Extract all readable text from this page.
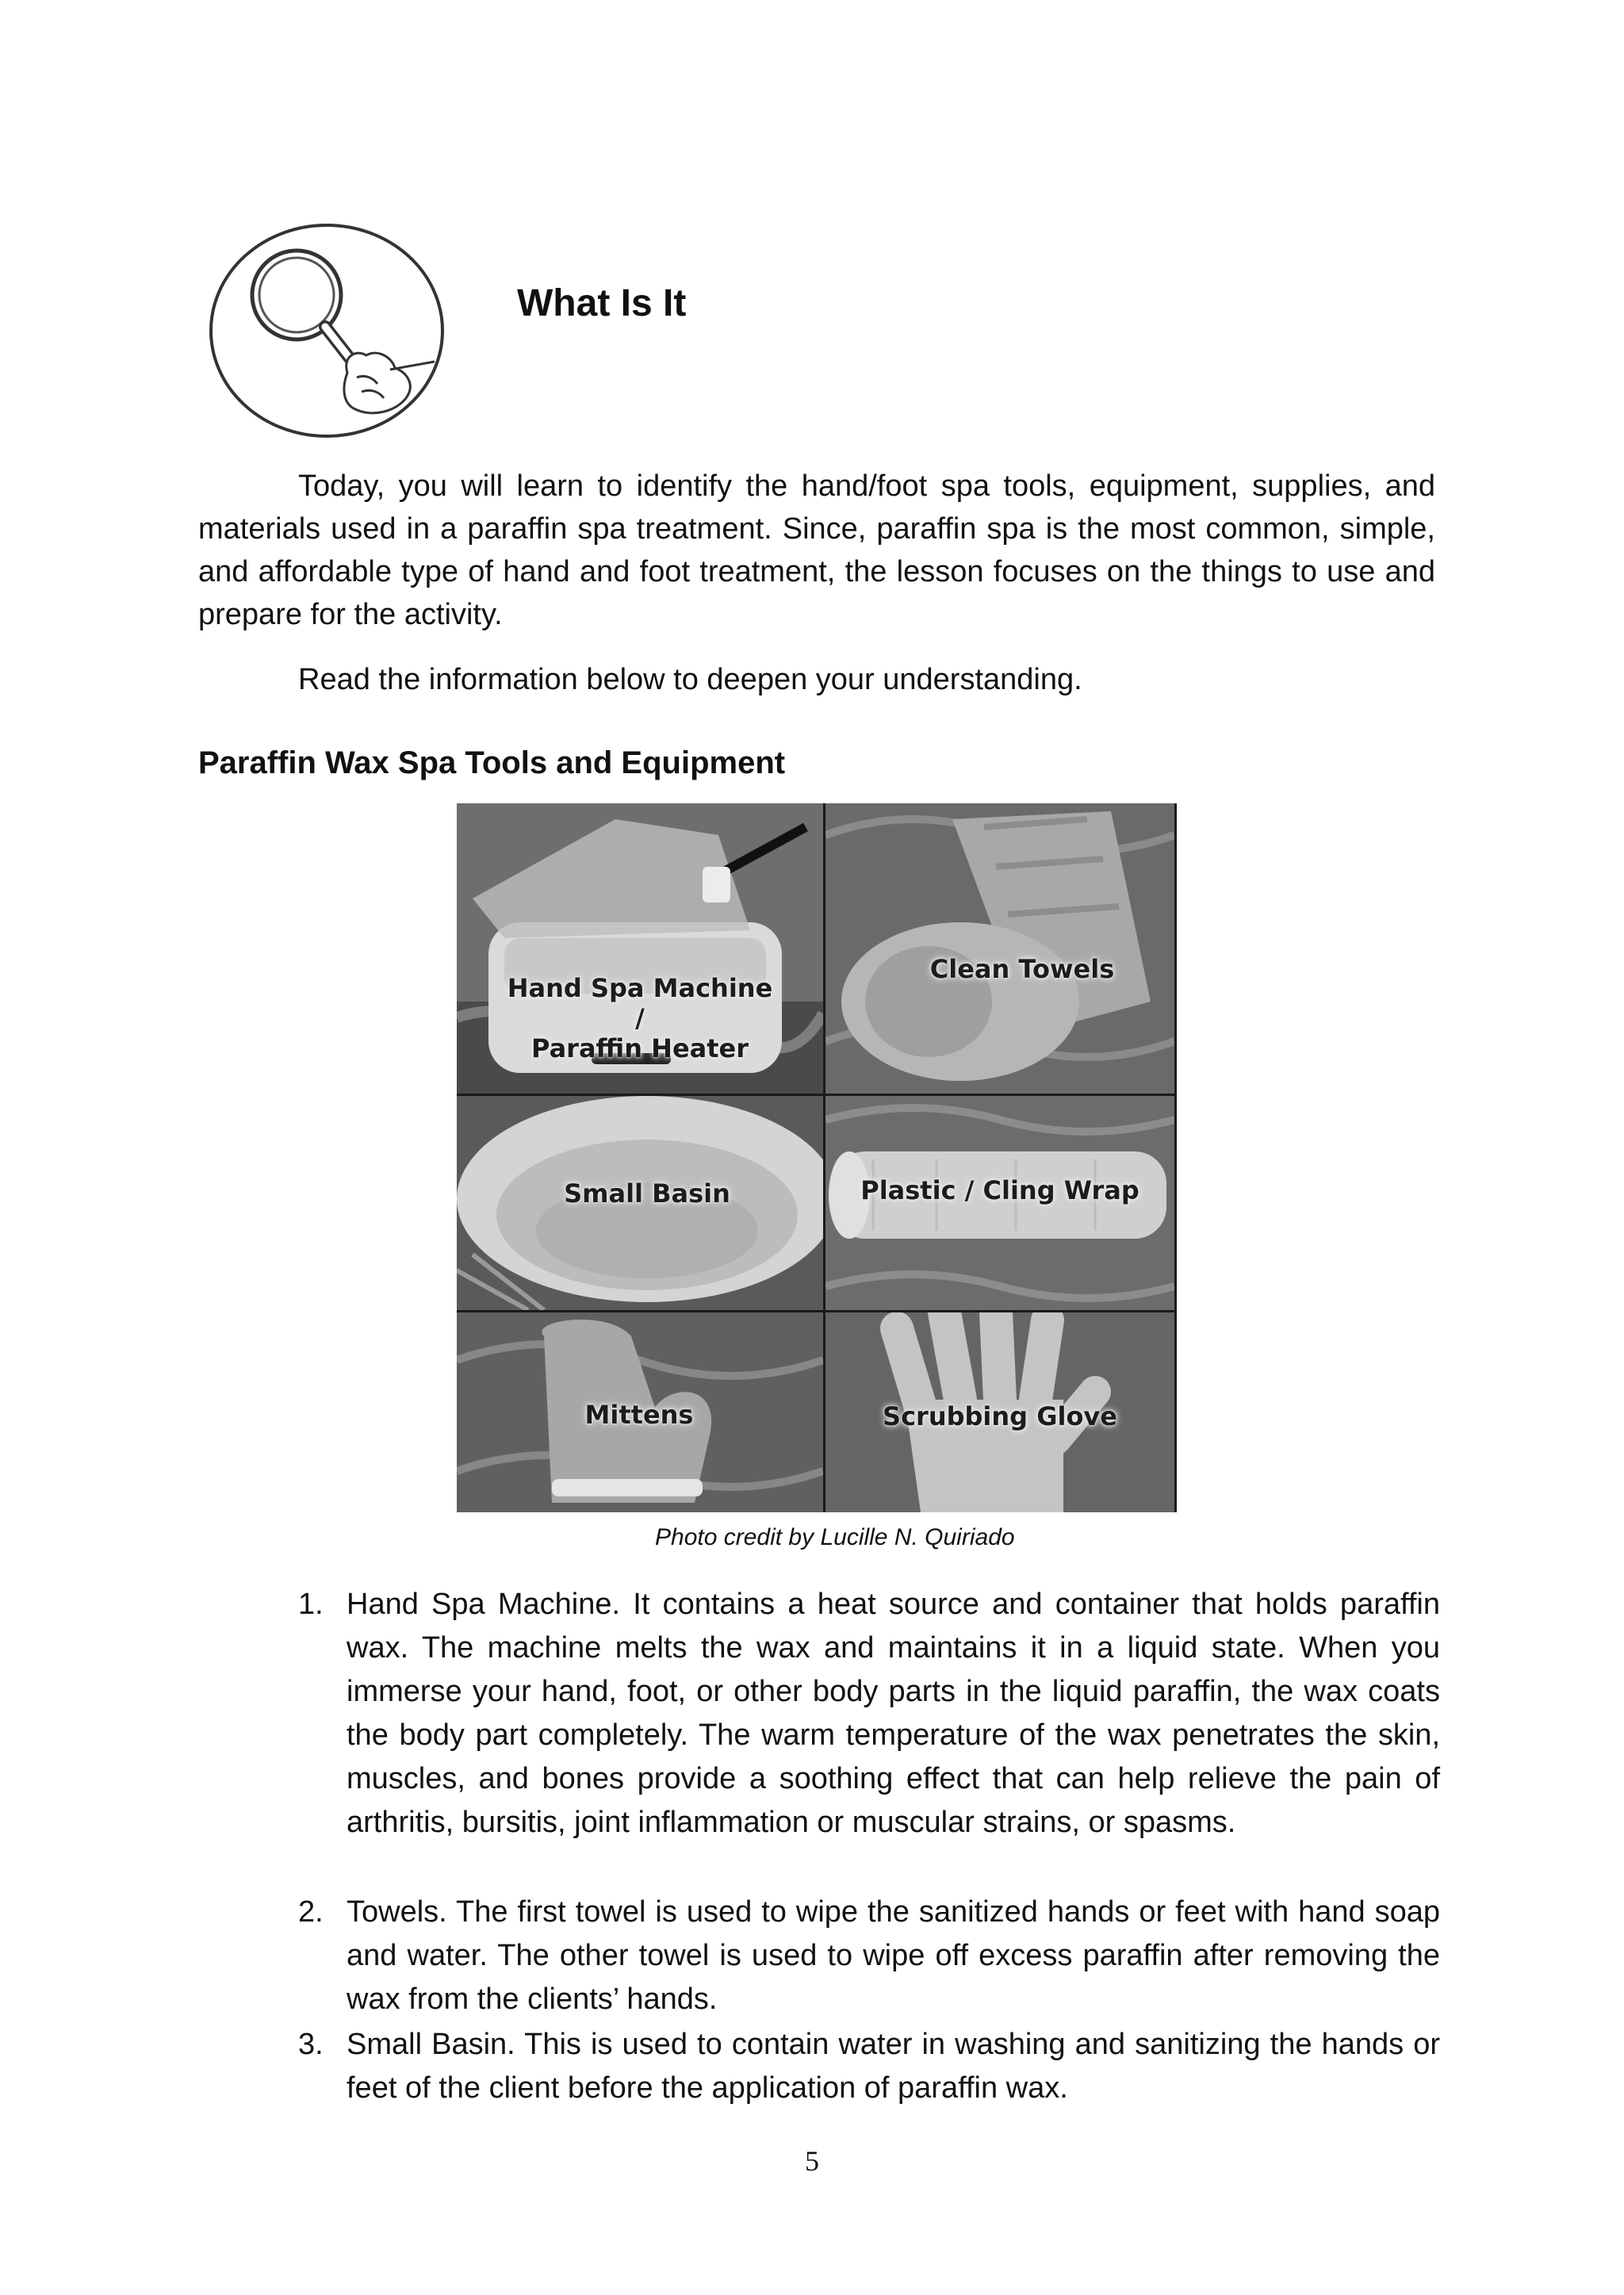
What Is It

Today, you will learn to identify the hand/foot spa tools, equipment, supplies, and materials used in a paraffin spa treatment. Since, paraffin spa is the most common, simple, and affordable type of hand and foot treatment, the lesson focuses on the things to use and prepare for the activity.

Read the information below to deepen your understanding.

Paraffin Wax Spa Tools and Equipment
Hand Spa Machine /
Paraffin Heater
Clean Towels
Small Basin	Plastic / Cling Wrap
Mittens	Scrubbing Glove

Photo credit by Lucille N. Quiriado

1. Hand Spa Machine. It contains a heat source and container that holds paraffin wax. The machine melts the wax and maintains it in a liquid state. When you immerse your hand, foot, or other body parts in the liquid paraffin, the wax coats the body part completely. The warm temperature of the wax penetrates the skin, muscles, and bones provide a soothing effect that can help relieve the pain of arthritis, bursitis, joint inflammation or muscular strains, or spasms.
2. Towels. The first towel is used to wipe the sanitized hands or feet with hand soap and water. The other towel is used to wipe off excess paraffin after removing the wax from the clients’ hands.
3. Small Basin. This is used to contain water in washing and sanitizing the hands or feet of the client before the application of paraffin wax.

5
